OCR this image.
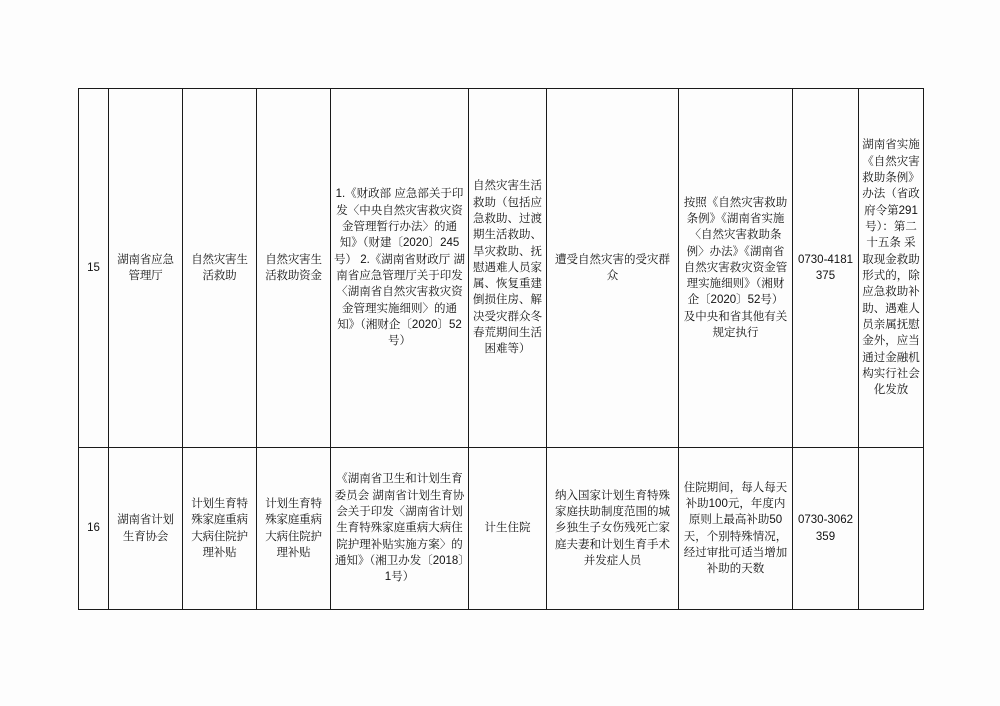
15	湖南省应急管理厅	自然灾害生活救助	自然灾害生活救助资金	1.《财政部 应急部关于印发〈中央自然灾害救灾资金管理暂行办法〉的通知》（财建〔2020〕245号） 2.《湖南省财政厅 湖南省应急管理厅关于印发〈湖南省自然灾害救灾资金管理实施细则〉的通知》（湘财企〔2020〕52号）	自然灾害生活救助（包括应急救助、过渡期生活救助、旱灾救助、抚慰遇难人员家属、恢复重建倒损住房、解决受灾群众冬春荒期间生活困难等）	遭受自然灾害的受灾群众	按照《自然灾害救助条例》《湖南省实施〈自然灾害救助条例〉办法》《湖南省自然灾害救灾资金管理实施细则》（湘财企〔2020〕52号）及中央和省其他有关规定执行	0730-4181375	湖南省实施《自然灾害救助条例》办法（省政府令第291号）：第二十五条 采取现金救助形式的，除应急救助补助、遇难人员亲属抚慰金外，应当通过金融机构实行社会化发放
16	湖南省计划生育协会	计划生育特殊家庭重病大病住院护理补贴	计划生育特殊家庭重病大病住院护理补贴	《湖南省卫生和计划生育委员会 湖南省计划生育协会关于印发〈湖南省计划生育特殊家庭重病大病住院护理补贴实施方案〉的通知》（湘卫办发〔2018〕1号）	计生住院	纳入国家计划生育特殊家庭扶助制度范围的城乡独生子女伤残死亡家庭夫妻和计划生育手术并发症人员	住院期间，每人每天补助100元，年度内原则上最高补助50天，个别特殊情况，经过审批可适当增加补助的天数	0730-3062359	
